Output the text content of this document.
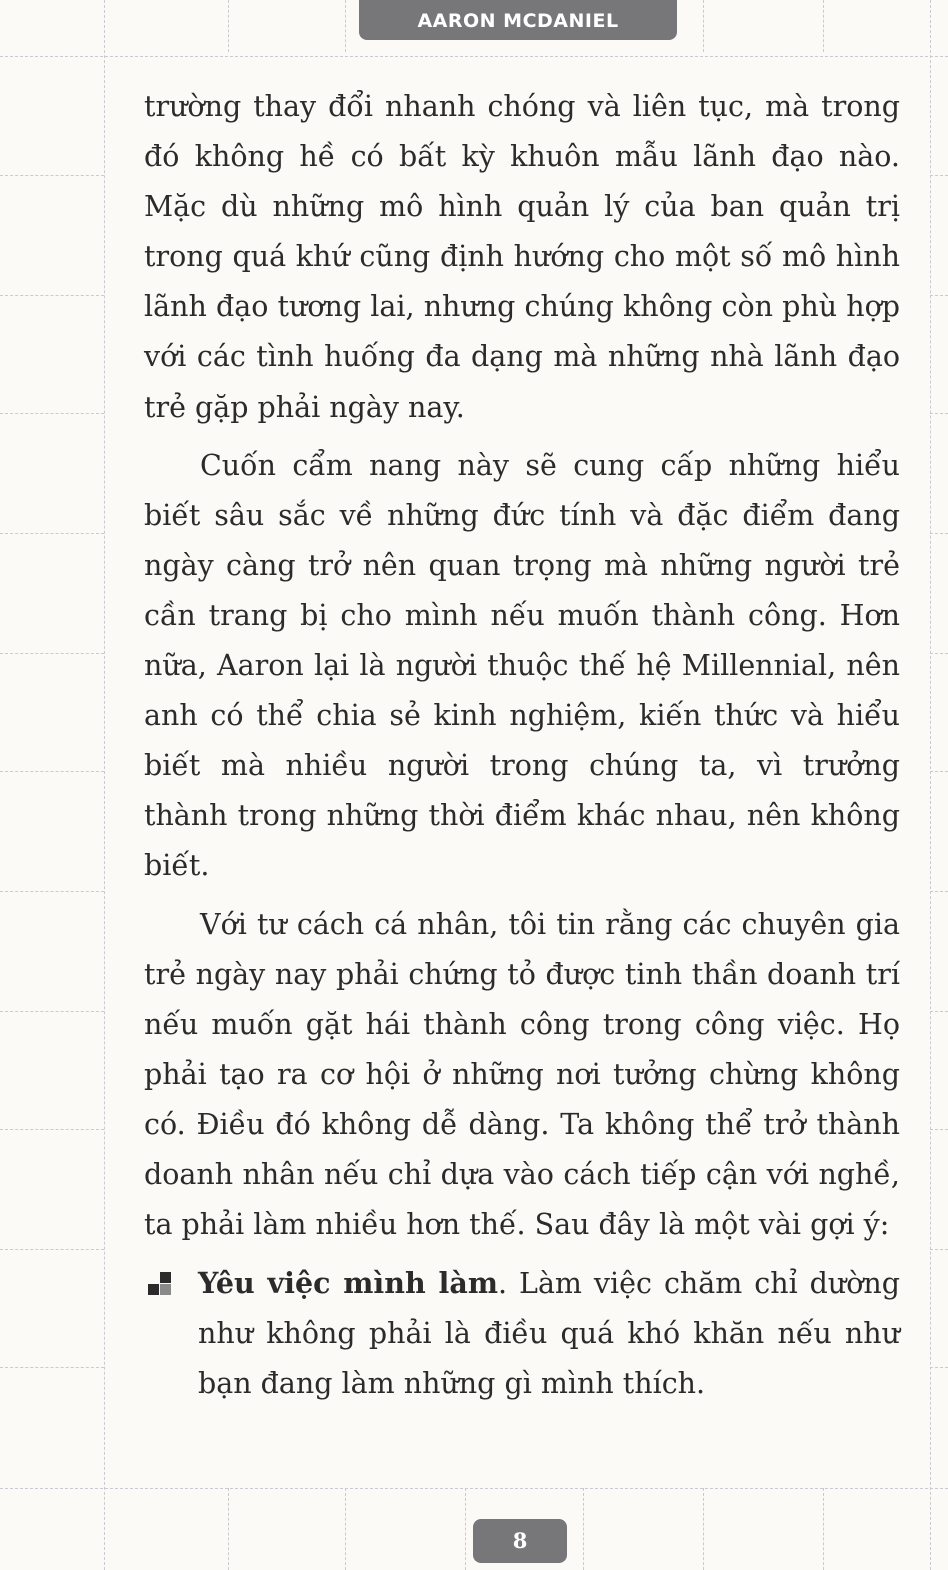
AARON MCDANIEL

trường thay đổi nhanh chóng và liên tục, mà trong đó không hề có bất kỳ khuôn mẫu lãnh đạo nào. Mặc dù những mô hình quản lý của ban quản trị trong quá khứ cũng định hướng cho một số mô hình lãnh đạo tương lai, nhưng chúng không còn phù hợp với các tình huống đa dạng mà những nhà lãnh đạo trẻ gặp phải ngày nay.

Cuốn cẩm nang này sẽ cung cấp những hiểu biết sâu sắc về những đức tính và đặc điểm đang ngày càng trở nên quan trọng mà những người trẻ cần trang bị cho mình nếu muốn thành công. Hơn nữa, Aaron lại là người thuộc thế hệ Millennial, nên anh có thể chia sẻ kinh nghiệm, kiến thức và hiểu biết mà nhiều người trong chúng ta, vì trưởng thành trong những thời điểm khác nhau, nên không biết.

Với tư cách cá nhân, tôi tin rằng các chuyên gia trẻ ngày nay phải chứng tỏ được tinh thần doanh trí nếu muốn gặt hái thành công trong công việc. Họ phải tạo ra cơ hội ở những nơi tưởng chừng không có. Điều đó không dễ dàng. Ta không thể trở thành doanh nhân nếu chỉ dựa vào cách tiếp cận với nghề, ta phải làm nhiều hơn thế. Sau đây là một vài gợi ý:

Yêu việc mình làm. Làm việc chăm chỉ dường như không phải là điều quá khó khăn nếu như bạn đang làm những gì mình thích.
8
